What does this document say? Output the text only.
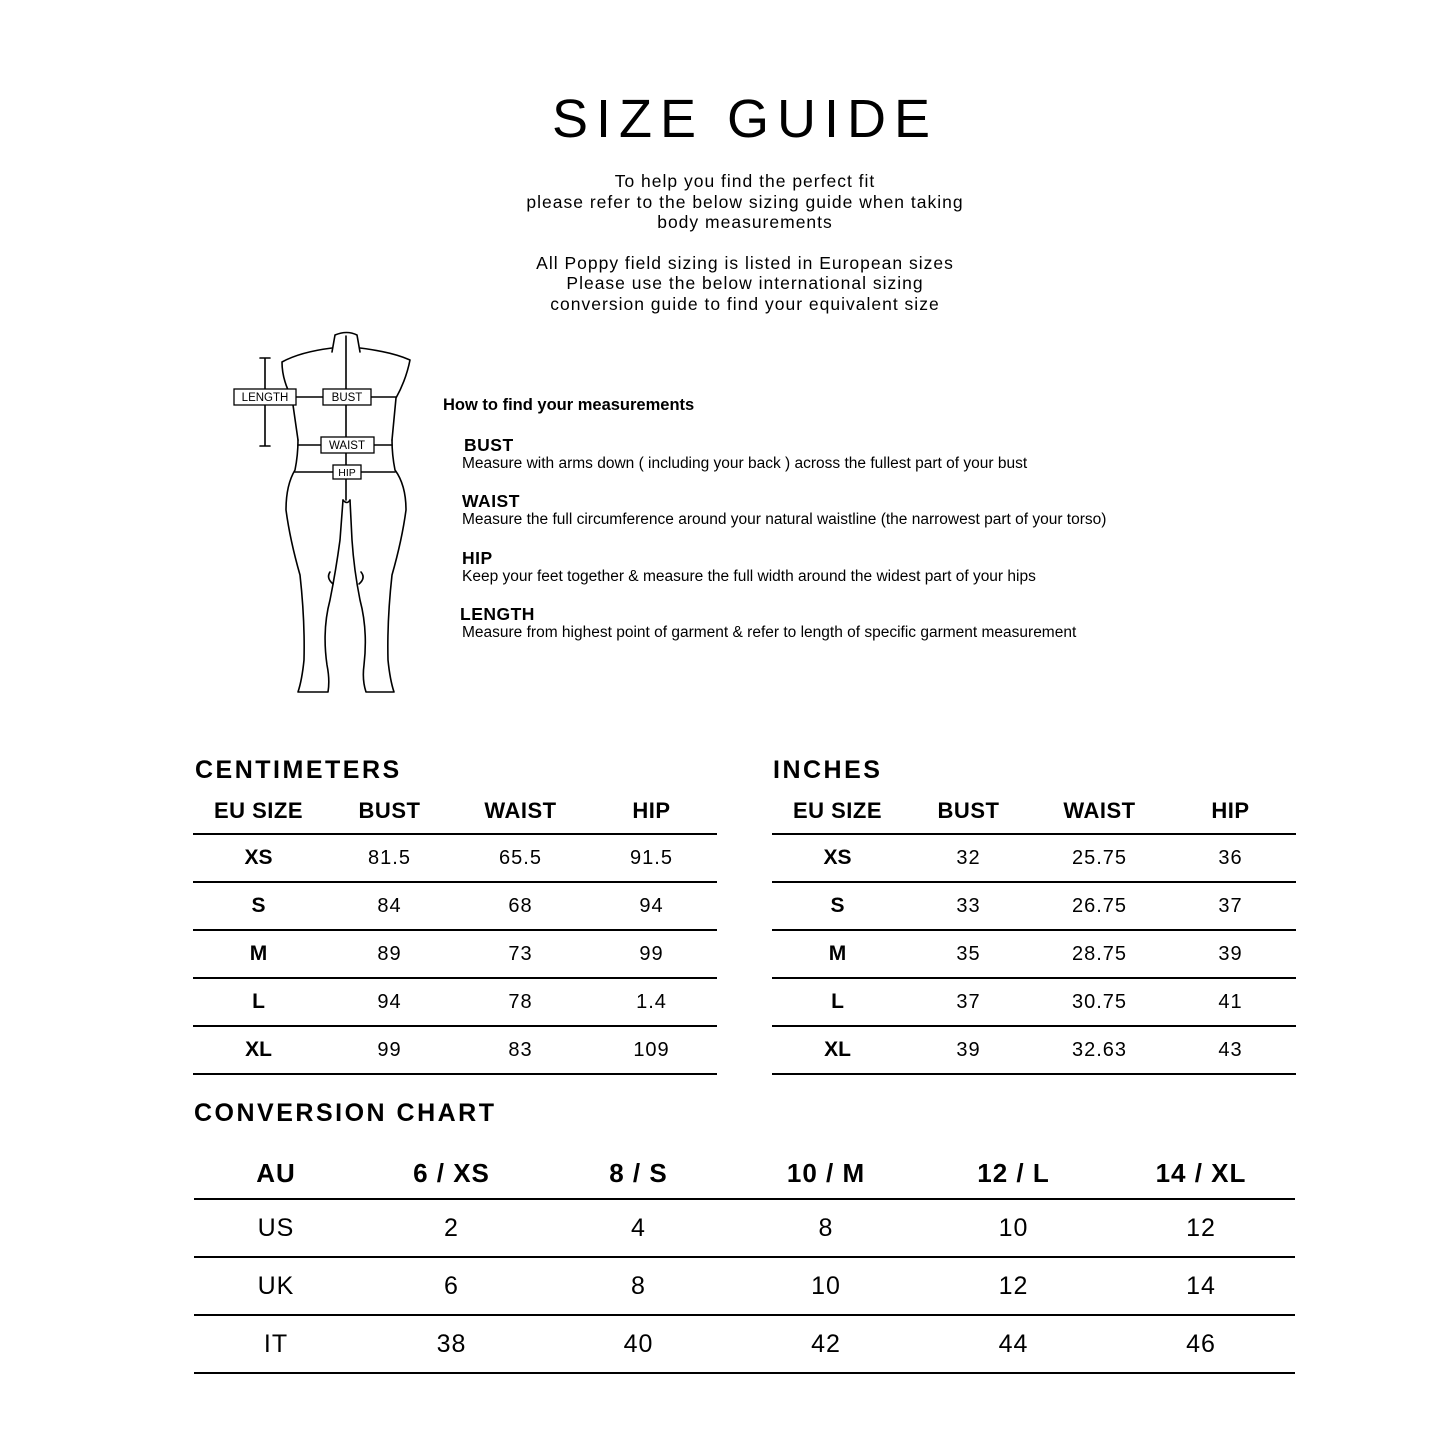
SIZE GUIDE

To help you find the perfect fit

please refer to the below sizing guide when taking

body measurements

All Poppy field sizing is listed in European sizes

Please use the below international sizing

conversion guide to find your equivalent size

LENGTH	BUST
WAIST
HIP
How to find your measurements

BUST

Measure with arms down ( including your back ) across the fullest part of your bust

WAIST

Measure the full circumference around your natural waistline (the narrowest part of your torso)

HIP

Keep your feet together & measure the full width around the widest part of your hips

LENGTH

Measure from highest point of garment & refer to length of specific garment measurement

CENTIMETERS
EU SIZE	BUST	WAIST	HIP
XS	81.5	65.5	91.5
S	84	68	94
M	89	73	99
L	94	78	1.4
XL	99	83	109
INCHES
EU SIZE	BUST	WAIST	HIP
XS	32	25.75	36
S	33	26.75	37
M	35	28.75	39
L	37	30.75	41
XL	39	32.63	43
CONVERSION CHART
AU	6 / XS	8 / S	10 / M	12 / L	14 / XL
US	2	4	8	10	12
UK	6	8	10	12	14
IT	38	40	42	44	46
